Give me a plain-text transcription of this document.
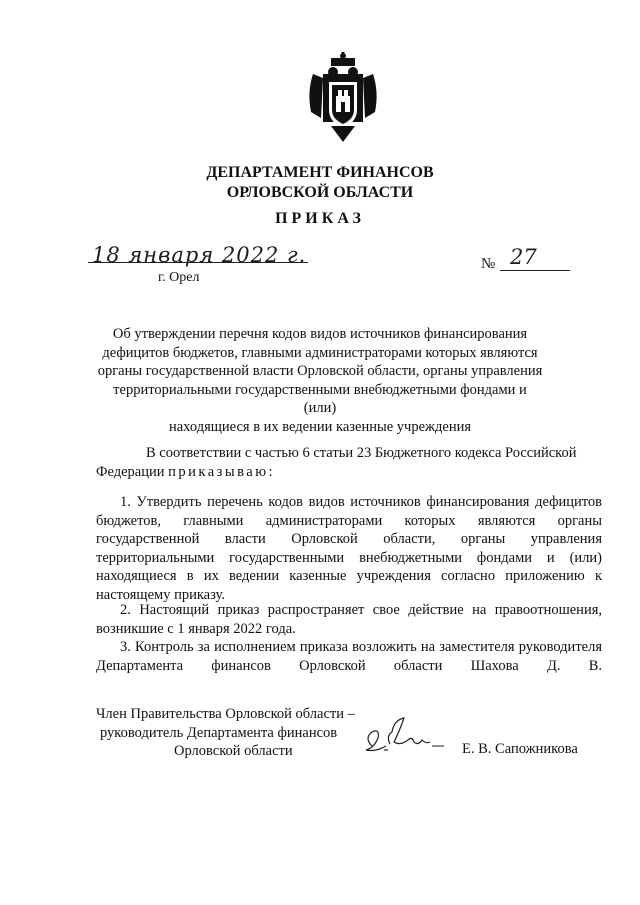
ДЕПАРТАМЕНТ ФИНАНСОВ
ОРЛОВСКОЙ ОБЛАСТИ
ПРИКАЗ
18 января 2022 г.
г. Орел
№ 27
Об утверждении перечня кодов видов источников финансирования
дефицитов бюджетов, главными администраторами которых являются
органы государственной власти Орловской области, органы управления
территориальными государственными внебюджетными фондами и (или)
находящиеся в их ведении казенные учреждения
В соответствии с частью 6 статьи 23 Бюджетного кодекса Российской
Федерации приказываю:

1. Утвердить перечень кодов видов источников финансирования дефицитов бюджетов, главными администраторами которых являются органы государственной власти Орловской области, органы управления территориальными государственными внебюджетными фондами и (или) находящиеся в их ведении казенные учреждения согласно приложению к настоящему приказу.

2. Настоящий приказ распространяет свое действие на правоотношения, возникшие с 1 января 2022 года.

3. Контроль за исполнением приказа возложить на заместителя руководителя Департамента финансов Орловской области Шахова Д. В.

Член Правительства Орловской области –
руководитель Департамента финансов
Орловской области	Е. В. Сапожникова
